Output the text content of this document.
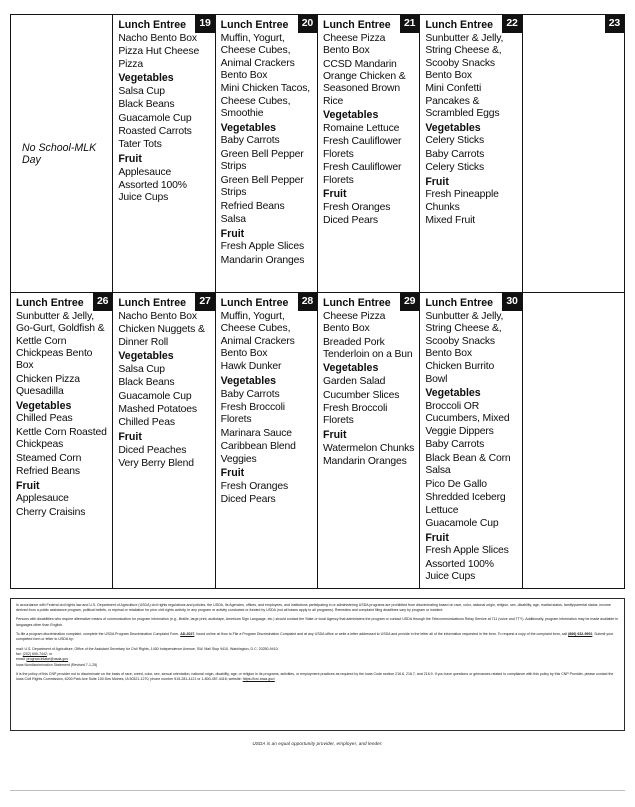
No School-MLK Day

19
Lunch Entree
Nacho Bento Box
Pizza Hut Cheese Pizza
Vegetables
Salsa Cup
Black Beans
Guacamole Cup
Roasted Carrots
Tater Tots
Fruit
Applesauce
Assorted 100% Juice Cups

20
Lunch Entree
Muffin, Yogurt, Cheese Cubes, Animal Crackers Bento Box
Mini Chicken Tacos, Cheese Cubes, Smoothie
Vegetables
Baby Carrots
Green Bell Pepper Strips
Green Bell Pepper Strips
Refried Beans
Salsa
Fruit
Fresh Apple Slices
Mandarin Oranges

21
Lunch Entree
Cheese Pizza Bento Box
CCSD Mandarin Orange Chicken & Seasoned Brown Rice
Vegetables
Romaine Lettuce
Fresh Cauliflower Florets
Fresh Cauliflower Florets
Fruit
Fresh Oranges
Diced Pears

22
Lunch Entree
Sunbutter & Jelly, String Cheese &, Scooby Snacks Bento Box
Mini Confetti Pancakes & Scrambled Eggs
Vegetables
Celery Sticks
Baby Carrots
Celery Sticks
Fruit
Fresh Pineapple Chunks
Mixed Fruit

23

26
Lunch Entree
Sunbutter & Jelly, Go-Gurt, Goldfish & Kettle Corn Chickpeas Bento Box
Chicken Pizza Quesadilla
Vegetables
Chilled Peas
Kettle Corn Roasted Chickpeas
Steamed Corn
Refried Beans
Fruit
Applesauce
Cherry Craisins

27
Lunch Entree
Nacho Bento Box
Chicken Nuggets & Dinner Roll
Vegetables
Salsa Cup
Black Beans
Guacamole Cup
Mashed Potatoes
Chilled Peas
Fruit
Diced Peaches
Very Berry Blend

28
Lunch Entree
Muffin, Yogurt, Cheese Cubes, Animal Crackers Bento Box
Hawk Dunker
Vegetables
Baby Carrots
Fresh Broccoli Florets
Marinara Sauce
Caribbean Blend Veggies
Fruit
Fresh Oranges
Diced Pears

29
Lunch Entree
Cheese Pizza Bento Box
Breaded Pork Tenderloin on a Bun
Vegetables
Garden Salad
Cucumber Slices
Fresh Broccoli Florets
Fruit
Watermelon Chunks
Mandarin Oranges

30
Lunch Entree
Sunbutter & Jelly, String Cheese &, Scooby Snacks Bento Box
Chicken Burrito Bowl
Vegetables
Broccoli OR Cucumbers, Mixed Veggie Dippers
Baby Carrots
Black Bean & Corn Salsa
Pico De Gallo
Shredded Iceberg Lettuce
Guacamole Cup
Fruit
Fresh Apple Slices
Assorted 100% Juice Cups

In accordance with Federal civil rights law and U.S. Department of Agriculture (USDA) civil rights regulations and policies, the USDA, its Agencies, offices, and employees, and institutions participating in or administering USDA programs are prohibited from discriminating based on race, color, national origin, religion, sex, disability, age, marital status, family/parental status, income derived from a public assistance program, political beliefs, or reprisal or retaliation for prior civil rights activity, in any program or activity conducted or funded by USDA (not all bases apply to all programs). Remedies and complaint filing deadlines vary by program or incident.

Persons with disabilities who require alternative means of communication for program information (e.g., Braille, large print, audiotape, American Sign Language, etc.) should contact the State or local Agency that administers the program or contact USDA through the Telecommunications Relay Service at 711 (voice and TTY). Additionally, program information may be made available in languages other than English.

To file a program discrimination complaint, complete the USDA Program Discrimination Complaint Form, AD-3027, found online at How to File a Program Discrimination Complaint and at any USDA office or write a letter addressed to USDA and provide in the letter all of the information requested in the form. To request a copy of the complaint form, call (866) 632-9992. Submit your completed form or letter to USDA by:

mail: U.S. Department of Agriculture, Office of the Assistant Secretary for Civil Rights, 1400 Independence Avenue, SW, Mail Stop 9410, Washington, D.C. 20250-9410;

fax: (202) 690-7442; or

email: program.intake@usda.gov

Iowa Nondiscrimination Statement (Revised 7-1-25)

It is the policy of this CNP provider not to discriminate on the basis of race, creed, color, sex, sexual orientation, national origin, disability, age, or religion in its programs, activities, or employment practices as required by the Iowa Code section 216.6, 216.7, and 216.9. If you have questions or grievances related to compliance with this policy by this CNP Provider, please contact the Iowa Civil Rights Commission, 6200 Park Ave Suite 100 Des Moines, IA 50321-1270, phone number 515-281-4121 or 1-800-457-4416; website: https://icrc.iowa.gov/

USDA is an equal opportunity provider, employer, and lender.
